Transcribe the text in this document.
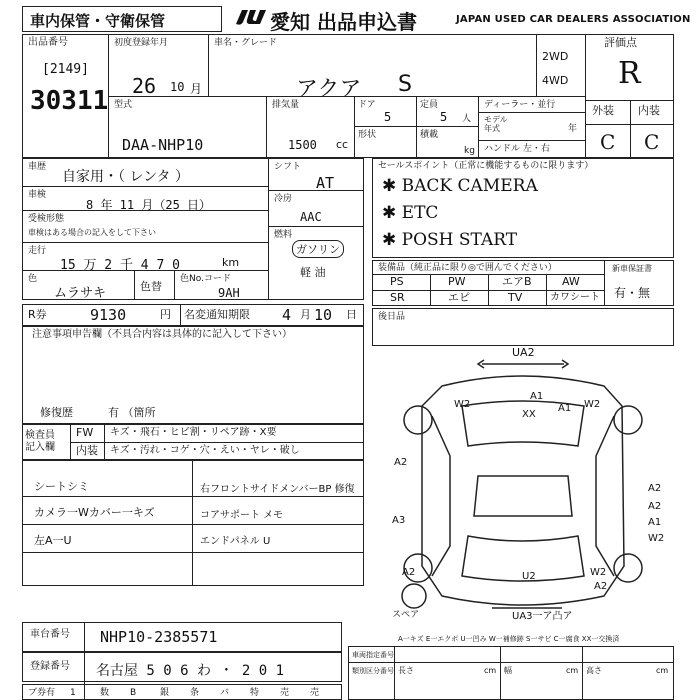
車内保管・守衛保管	愛知 出品申込書	JAPAN USED CAR DEALERS ASSOCIATION
出品番号
[2149]
30311
初度登録年月
26 10 月
車名・グレード
アクア S
2WD
4WD
評価点
R
外装 内装
C C
型式
DAA-NHP10
排気量
1500 cc
ドア
5
定員
5 人
形状	積載
kg
ディーラー・並行
モデル
年式	年
ハンドル 左・右
車歴
自家用・（ レンタ ）
車検
8 年 11 月（25 日）
受検形態
車検はある場合の記入をして下さい
走行
15 万 2 千 4 7 0	km
色
ムラサキ	色替
色No.コード
9AH
シフト
AT
冷房
AAC
燃料
ガソリン
軽 油
セールスポイント（正常に機能するものに限ります）
✱ BACK CAMERA
✱ ETC
✱ POSH START
装備品（純正品に限り◎で囲んでください）
PS	PW	エアB	AW
SR	エピ	TV	カワシート
新車保証書
有・無
R券	9130	円 名変通知期限 4 月 10 日 後日品
注意事項申告欄（不具合内容は具体的に記入して下さい）
修復歴	有 （箇所
検査員
記入欄
FW キズ・飛石・ヒビ割・リペア跡・X要
内装 キズ・汚れ・コゲ・穴・えい・ヤレ・破し
シートシミ
カメラ一Wカバー一キズ
左A一U
右フロントサイドメンバーBP 修復
コアサポート メモ
エンドパネル U
UA2
W2
A1
XX
A1 W2
A2
A2
A3
A2
A1
W2
U2
A2	W2
A2
UA3一ア凸ア
スペア
A一キズ E一エクボ U一凹み W一補修跡 S一サビ C一腐食 XX一交換済
車台番号 NHP10-2385571
登録番号 名古屋 5 0 6 わ ・ 2 0 1
ブ券有 1	数 B	銀 条 バ 特 売 売
車両指定番号
類別区分番号 長さ	cm 幅	cm 高さ	cm
